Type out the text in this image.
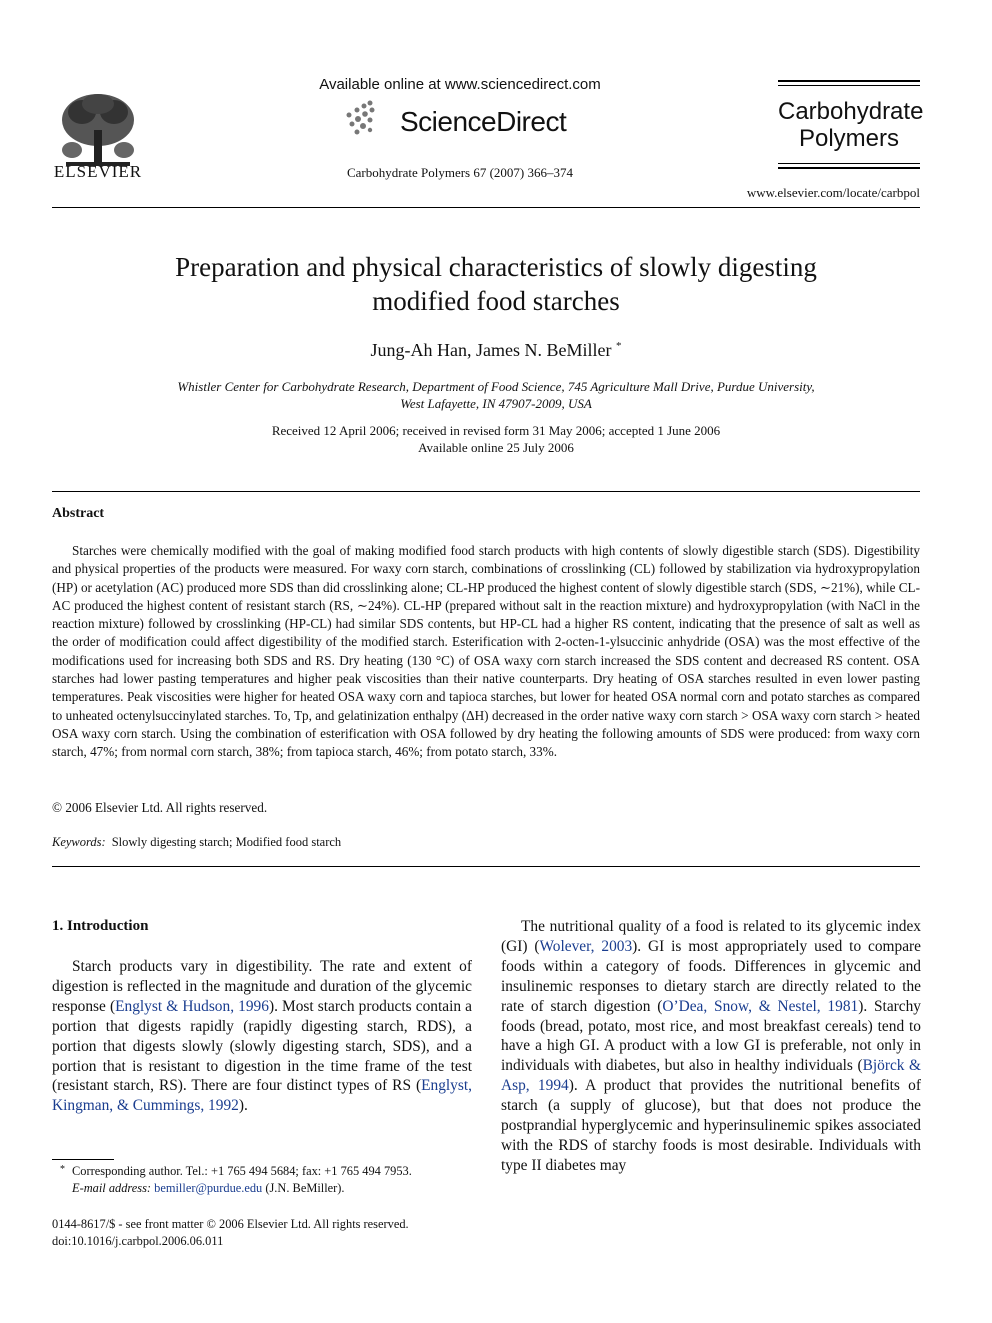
ELSEVIER
Available online at www.sciencedirect.com
ScienceDirect
Carbohydrate Polymers 67 (2007) 366–374
Carbohydrate
Polymers
www.elsevier.com/locate/carbpol
Preparation and physical characteristics of slowly digesting
modified food starches
Jung-Ah Han, James N. BeMiller *
Whistler Center for Carbohydrate Research, Department of Food Science, 745 Agriculture Mall Drive, Purdue University,
West Lafayette, IN 47907-2009, USA
Received 12 April 2006; received in revised form 31 May 2006; accepted 1 June 2006
Available online 25 July 2006
Abstract
Starches were chemically modified with the goal of making modified food starch products with high contents of slowly digestible starch (SDS). Digestibility and physical properties of the products were measured. For waxy corn starch, combinations of crosslinking (CL) followed by stabilization via hydroxypropylation (HP) or acetylation (AC) produced more SDS than did crosslinking alone; CL-HP produced the highest content of slowly digestible starch (SDS, ∼21%), while CL-AC produced the highest content of resistant starch (RS, ∼24%). CL-HP (prepared without salt in the reaction mixture) and hydroxypropylation (with NaCl in the reaction mixture) followed by crosslinking (HP-CL) had similar SDS contents, but HP-CL had a higher RS content, indicating that the presence of salt as well as the order of modification could affect digestibility of the modified starch. Esterification with 2-octen-1-ylsuccinic anhydride (OSA) was the most effective of the modifications used for increasing both SDS and RS. Dry heating (130 °C) of OSA waxy corn starch increased the SDS content and decreased RS content. OSA starches had lower pasting temperatures and higher peak viscosities than their native counterparts. Dry heating of OSA starches resulted in even lower pasting temperatures. Peak viscosities were higher for heated OSA waxy corn and tapioca starches, but lower for heated OSA normal corn and potato starches as compared to unheated octenylsuccinylated starches. To, Tp, and gelatinization enthalpy (ΔH) decreased in the order native waxy corn starch > OSA waxy corn starch > heated OSA waxy corn starch. Using the combination of esterification with OSA followed by dry heating the following amounts of SDS were produced: from waxy corn starch, 47%; from normal corn starch, 38%; from tapioca starch, 46%; from potato starch, 33%.
© 2006 Elsevier Ltd. All rights reserved.
Keywords: Slowly digesting starch; Modified food starch
1. Introduction
Starch products vary in digestibility. The rate and extent of digestion is reflected in the magnitude and duration of the glycemic response (Englyst & Hudson, 1996). Most starch products contain a portion that digests rapidly (rapidly digesting starch, RDS), a portion that digests slowly (slowly digesting starch, SDS), and a portion that is resistant to digestion in the time frame of the test (resistant starch, RS). There are four distinct types of RS (Englyst, Kingman, & Cummings, 1992).
The nutritional quality of a food is related to its glycemic index (GI) (Wolever, 2003). GI is most appropriately used to compare foods within a category of foods. Differences in glycemic and insulinemic responses to dietary starch are directly related to the rate of starch digestion (O’Dea, Snow, & Nestel, 1981). Starchy foods (bread, potato, most rice, and most breakfast cereals) tend to have a high GI. A product with a low GI is preferable, not only in individuals with diabetes, but also in healthy individuals (Björck & Asp, 1994). A product that provides the nutritional benefits of starch (a supply of glucose), but that does not produce the postprandial hyperglycemic and hyperinsulinemic spikes associated with the RDS of starchy foods is most desirable. Individuals with type II diabetes may
* Corresponding author. Tel.: +1 765 494 5684; fax: +1 765 494 7953.
E-mail address: bemiller@purdue.edu (J.N. BeMiller).
0144-8617/$ - see front matter © 2006 Elsevier Ltd. All rights reserved.
doi:10.1016/j.carbpol.2006.06.011
